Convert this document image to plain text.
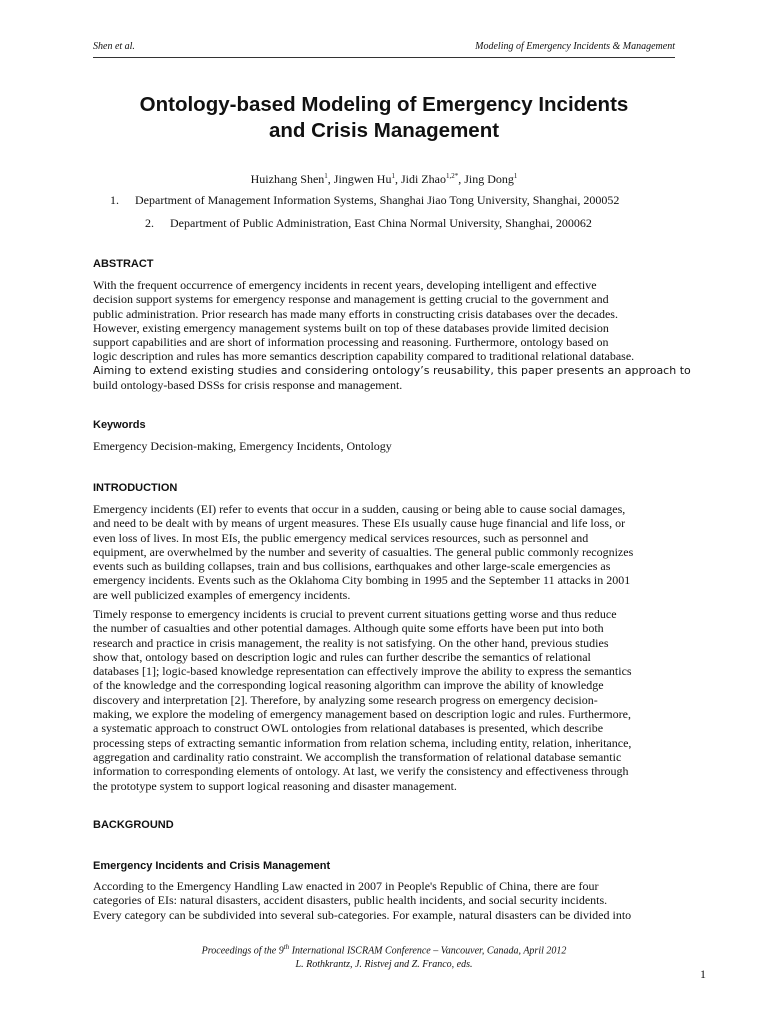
Shen et al.	Modeling of Emergency Incidents & Management
Ontology-based Modeling of Emergency Incidents
and Crisis Management
Huizhang Shen$^1$, Jingwen Hu$^1$, Jidi Zhao$^{1,2*}$, Jing Dong$^1$
1. Department of Management Information Systems, Shanghai Jiao Tong University, Shanghai, 200052
2. Department of Public Administration, East China Normal University, Shanghai, 200062
ABSTRACT
With the frequent occurrence of emergency incidents in recent years, developing intelligent and effective
decision support systems for emergency response and management is getting crucial to the government and
public administration. Prior research has made many efforts in constructing crisis databases over the decades.
However, existing emergency management systems built on top of these databases provide limited decision
support capabilities and are short of information processing and reasoning. Furthermore, ontology based on
logic description and rules has more semantics description capability compared to traditional relational database.
Aiming to extend existing studies and considering ontology’s reusability, this paper presents an approach to
build ontology-based DSSs for crisis response and management.
Keywords
Emergency Decision-making, Emergency Incidents, Ontology
INTRODUCTION
Emergency incidents (EI) refer to events that occur in a sudden, causing or being able to cause social damages,
and need to be dealt with by means of urgent measures. These EIs usually cause huge financial and life loss, or
even loss of lives. In most EIs, the public emergency medical services resources, such as personnel and
equipment, are overwhelmed by the number and severity of casualties. The general public commonly recognizes
events such as building collapses, train and bus collisions, earthquakes and other large-scale emergencies as
emergency incidents. Events such as the Oklahoma City bombing in 1995 and the September 11 attacks in 2001
are well publicized examples of emergency incidents.
Timely response to emergency incidents is crucial to prevent current situations getting worse and thus reduce
the number of casualties and other potential damages. Although quite some efforts have been put into both
research and practice in crisis management, the reality is not satisfying. On the other hand, previous studies
show that, ontology based on description logic and rules can further describe the semantics of relational
databases [1]; logic-based knowledge representation can effectively improve the ability to express the semantics
of the knowledge and the corresponding logical reasoning algorithm can improve the ability of knowledge
discovery and interpretation [2]. Therefore, by analyzing some research progress on emergency decision-
making, we explore the modeling of emergency management based on description logic and rules. Furthermore,
a systematic approach to construct OWL ontologies from relational databases is presented, which describe
processing steps of extracting semantic information from relation schema, including entity, relation, inheritance,
aggregation and cardinality ratio constraint. We accomplish the transformation of relational database semantic
information to corresponding elements of ontology. At last, we verify the consistency and effectiveness through
the prototype system to support logical reasoning and disaster management.
BACKGROUND
Emergency Incidents and Crisis Management
According to the Emergency Handling Law enacted in 2007 in People's Republic of China, there are four
categories of EIs: natural disasters, accident disasters, public health incidents, and social security incidents.
Every category can be subdivided into several sub-categories. For example, natural disasters can be divided into
Proceedings of the 9th International ISCRAM Conference – Vancouver, Canada, April 2012
L. Rothkrantz, J. Ristvej and Z. Franco, eds.
1
